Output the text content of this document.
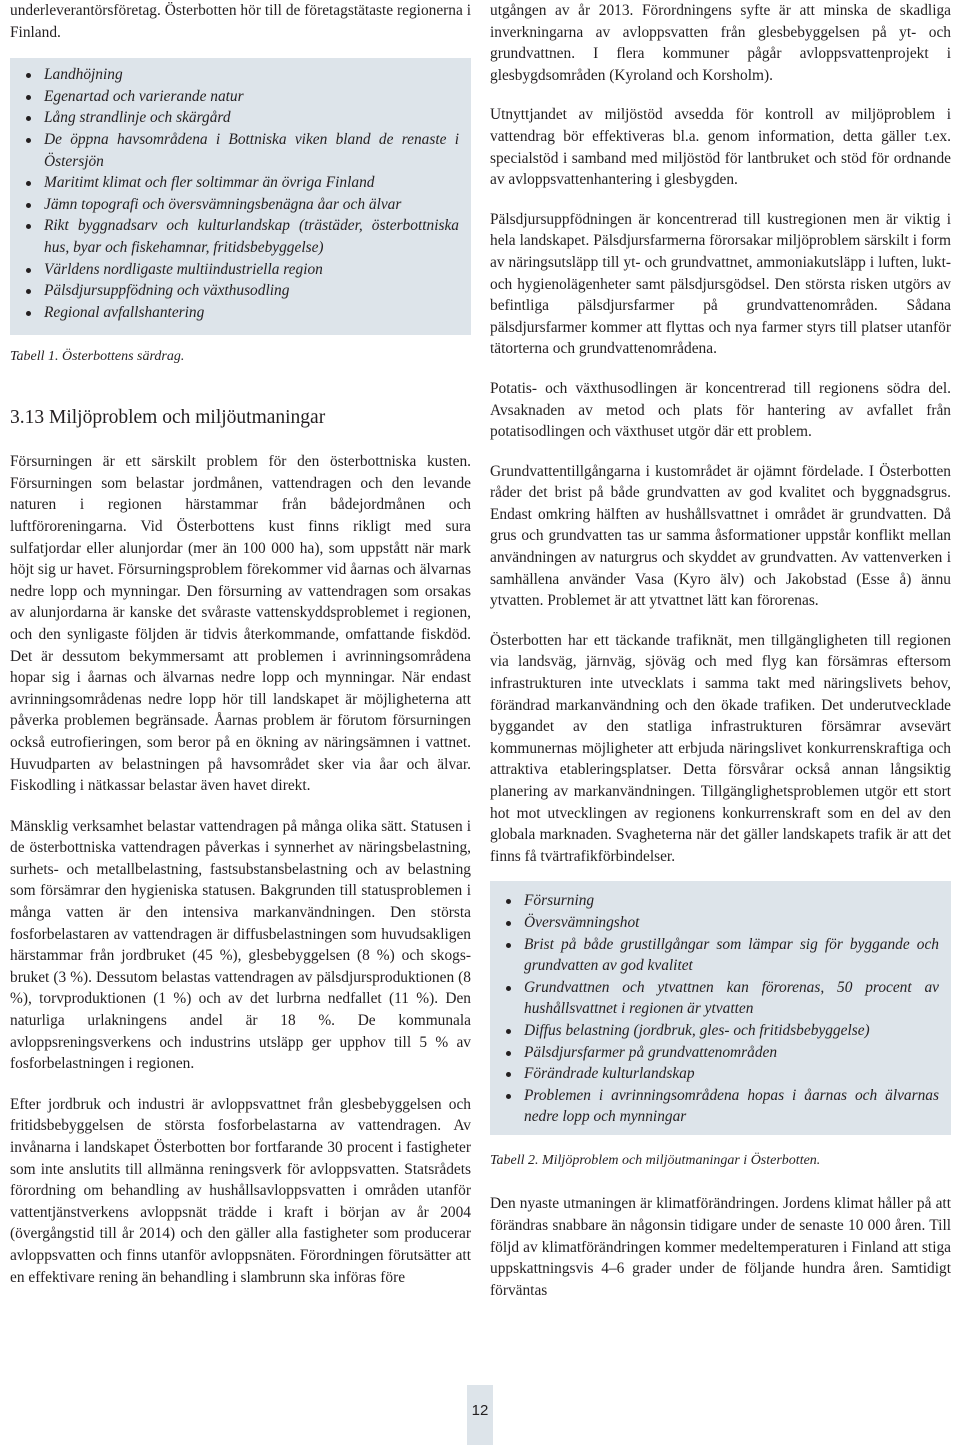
underleverantörsföretag. Österbotten hör till de företagstätaste regionerna i Finland.

Landhöjning
Egenartad och varierande natur
Lång strandlinje och skärgård
De öppna havsområdena i Bottniska viken bland de renaste i Östersjön
Maritimt klimat och fler soltimmar än övriga Finland
Jämn topografi och översvämningsbenägna åar och älvar
Rikt byggnadsarv och kulturlandskap (trästäder, österbottniska hus, byar och fiskehamnar, fritidsbebyggelse)
Världens nordligaste multiindustriella region
Pälsdjursuppfödning och växthusodling
Regional avfallshantering

Tabell 1. Österbottens särdrag.

3.13 Miljöproblem och miljöutmaningar

Försurningen är ett särskilt problem för den österbottniska kusten. Försurningen som belastar jordmånen, vattendragen och den levande naturen i regionen härstammar från bådejordmånen och luftföroreningarna. Vid Österbottens kust finns rikligt med sura sulfatjordar eller alunjordar (mer än 100 000 ha), som uppstått när mark höjt sig ur havet. Försurningsproblem förekommer vid åarnas och älvarnas nedre lopp och mynningar. Den försurning av vattendragen som orsakas av alunjordarna är kanske det svåraste vattenskyddsproblemet i regionen, och den synligaste följden är tidvis återkommande, omfattande fiskdöd. Det är dessutom bekymmersamt att problemen i avrinningsområdena hopar sig i åarnas och älvarnas nedre lopp och mynningar. När endast avrinningsområdenas nedre lopp hör till landskapet är möjligheterna att påverka problemen begränsade. Åarnas problem är förutom försurningen också eutrofieringen, som beror på en ökning av näringsämnen i vattnet. Huvudparten av belastningen på havsområdet sker via åar och älvar. Fiskodling i nätkassar belastar även havet direkt.

Mänsklig verksamhet belastar vattendragen på många olika sätt. Statusen i de österbottniska vattendragen påverkas i synnerhet av näringsbelastning, surhets- och metallbelastning, fastsubstansbelastning och av belastning som försämrar den hygieniska statusen. Bakgrunden till statusproblemen i många vatten är den intensiva markanvändningen. Den största fosforbelastaren av vattendragen är diffusbelastningen som huvudsakligen härstammar från jordbruket (45 %), glesbebyggelsen (8 %) och skogsbruket (3 %). Dessutom belastas vattendragen av pälsdjursproduktionen (8 %), torvproduktionen (1 %) och av det lurbrna nedfallet (11 %). Den naturliga urlakningens andel är 18 %. De kommunala avloppsreningsverkens och industrins utsläpp ger upphov till 5 % av fosforbelastningen i regionen.

Efter jordbruk och industri är avloppsvattnet från glesbebyggelsen och fritidsbebyggelsen de största fosforbelastarna av vattendragen. Av invånarna i landskapet Österbotten bor fortfarande 30 procent i fastigheter som inte anslutits till allmänna reningsverk för avloppsvatten. Statsrådets förordning om behandling av hushållsavloppsvatten i områden utanför vattentjänstverkens avloppsnät trädde i kraft i början av år 2004 (övergångstid till år 2014) och den gäller alla fastigheter som producerar avloppsvatten och finns utanför avloppsnäten. Förordningen förutsätter att en effektivare rening än behandling i slambrunn ska införas före

utgången av år 2013. Förordningens syfte är att minska de skadliga inverkningarna av avloppsvatten från glesbebyggelsen på yt- och grundvattnen. I flera kommuner pågår avloppsvattenprojekt i glesbygdsområden (Kyroland och Korsholm).

Utnyttjandet av miljöstöd avsedda för kontroll av miljöproblem i vattendrag bör effektiveras bl.a. genom information, detta gäller t.ex. specialstöd i samband med miljöstöd för lantbruket och stöd för ordnande av avloppsvattenhantering i glesbygden.

Pälsdjursuppfödningen är koncentrerad till kustregionen men är viktig i hela landskapet. Pälsdjursfarmerna förorsakar miljöproblem särskilt i form av näringsutsläpp till yt- och grundvattnet, ammoniakutsläpp i luften, lukt- och hygienolägenheter samt pälsdjursgödsel. Den största risken utgörs av befintliga pälsdjursfarmer på grundvattenområden. Sådana pälsdjursfarmer kommer att flyttas och nya farmer styrs till platser utanför tätorterna och grundvattenområdena.

Potatis- och växthusodlingen är koncentrerad till regionens södra del. Avsaknaden av metod och plats för hantering av avfallet från potatisodlingen och växthuset utgör där ett problem.

Grundvattentillgångarna i kustområdet är ojämnt fördelade. I Österbotten råder det brist på både grundvatten av god kvalitet och byggnadsgrus. Endast omkring hälften av hushållsvattnet i området är grundvatten. Då grus och grundvatten tas ur samma åsformationer uppstår konflikt mellan användningen av naturgrus och skyddet av grundvatten. Av vattenverken i samhällena använder Vasa (Kyro älv) och Jakobstad (Esse å) ännu ytvatten. Problemet är att ytvattnet lätt kan förorenas.

Österbotten har ett täckande trafiknät, men tillgängligheten till regionen via landsväg, järnväg, sjöväg och med flyg kan försämras eftersom infrastrukturen inte utvecklats i samma takt med näringslivets behov, förändrad markanvändning och den ökade trafiken. Det underutvecklade byggandet av den statliga infrastrukturen försämrar avsevärt kommunernas möjligheter att erbjuda näringslivet konkurrenskraftiga och attraktiva etableringsplatser. Detta försvårar också annan långsiktig planering av markanvändningen. Tillgänglighetsproblemen utgör ett stort hot mot utvecklingen av regionens konkurrenskraft som en del av den globala marknaden. Svagheterna när det gäller landskapets trafik är att det finns få tvärtrafikförbindelser.

Försurning
Översvämningshot
Brist på både grustillgångar som lämpar sig för byggande och grundvatten av god kvalitet
Grundvattnen och ytvattnen kan förorenas, 50 procent av hushållsvattnet i regionen är ytvatten
Diffus belastning (jordbruk, gles- och fritidsbebyggelse)
Pälsdjursfarmer på grundvattenområden
Förändrade kulturlandskap
Problemen i avrinningsområdena hopas i åarnas och älvarnas nedre lopp och mynningar

Tabell 2. Miljöproblem och miljöutmaningar i Österbotten.

Den nyaste utmaningen är klimatförändringen. Jordens klimat håller på att förändras snabbare än någonsin tidigare under de senaste 10 000 åren. Till följd av klimatförändringen kommer medeltemperaturen i Finland att stiga uppskattningsvis 4–6 grader under de följande hundra åren. Samtidigt förväntas

12
